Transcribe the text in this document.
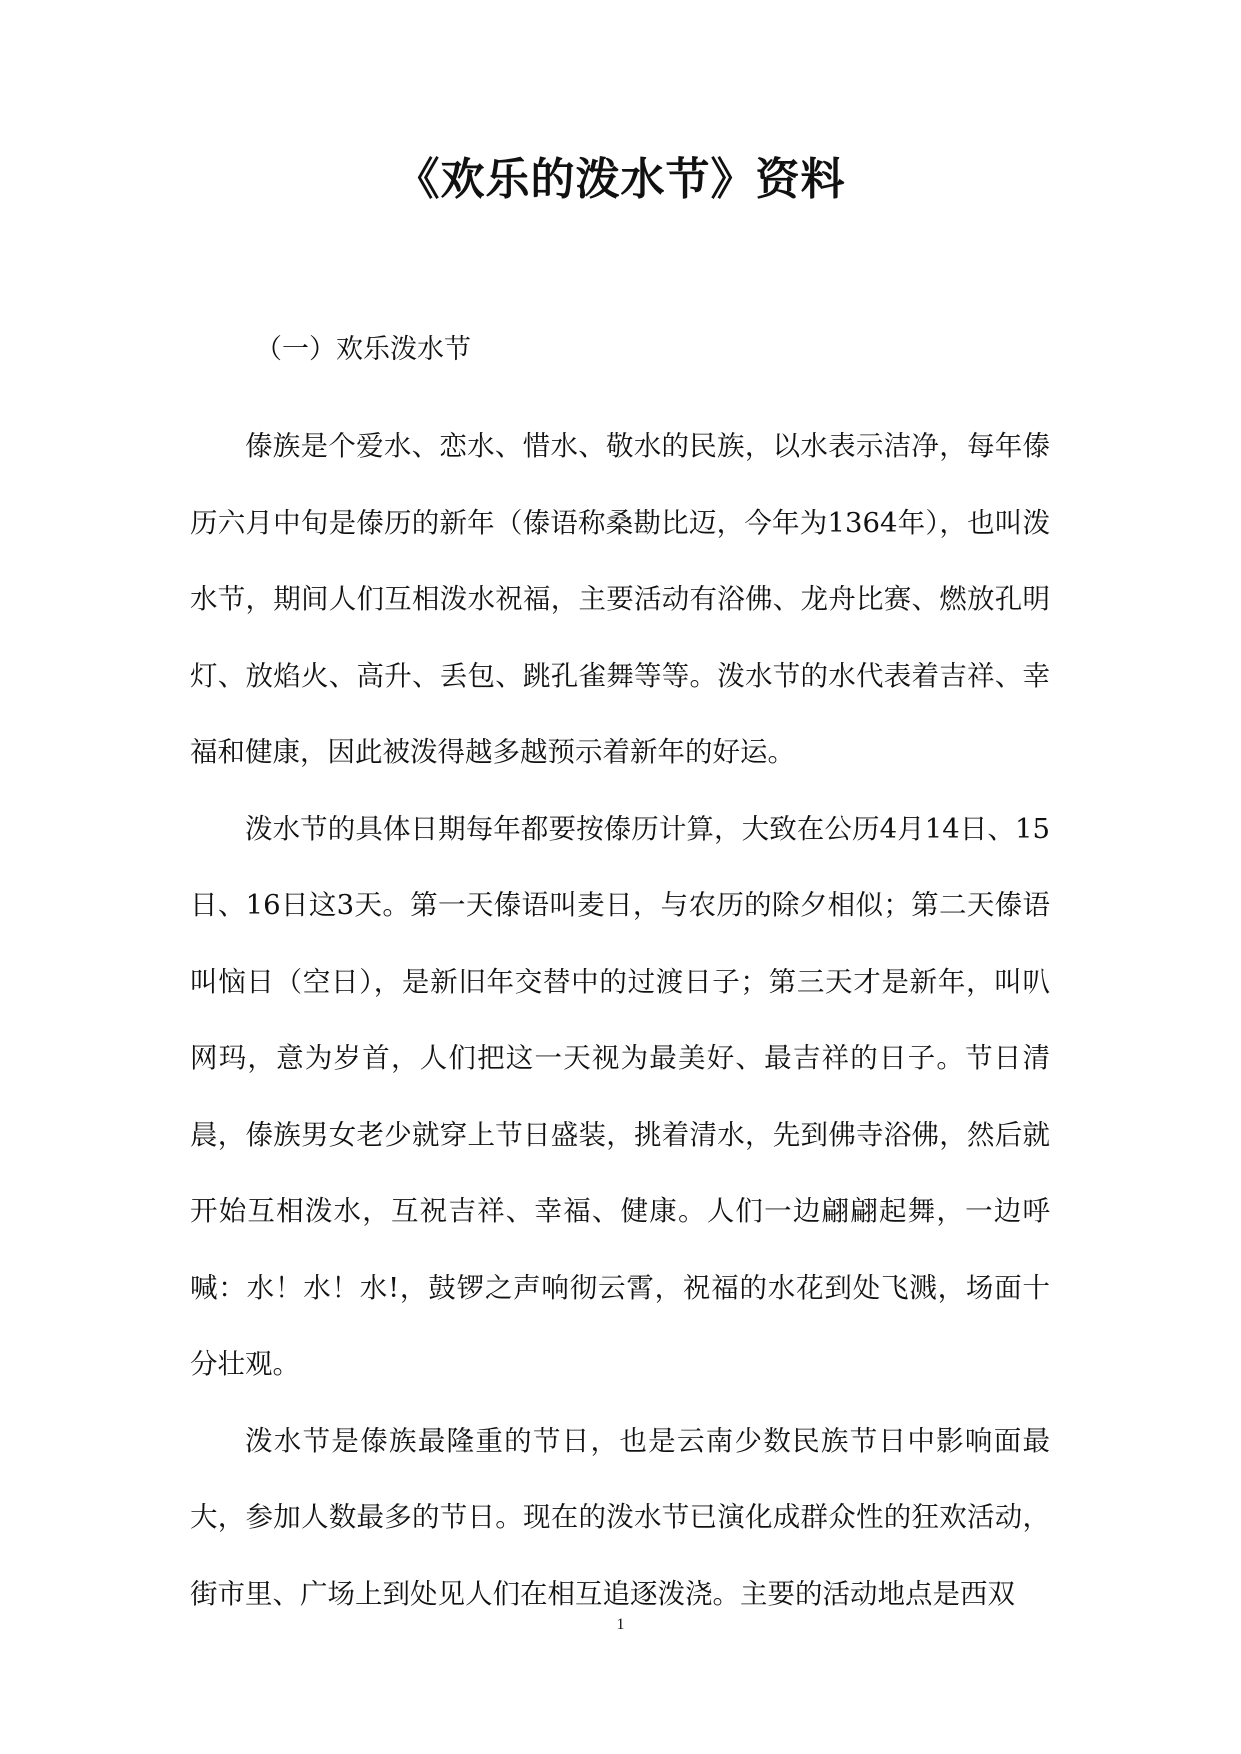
《欢乐的泼水节》资料
（一）欢乐泼水节

傣族是个爱水、恋水、惜水、敬水的民族，以水表示洁净，每年傣历六月中旬是傣历的新年（傣语称桑勘比迈，今年为1364年），也叫泼水节，期间人们互相泼水祝福，主要活动有浴佛、龙舟比赛、燃放孔明灯、放焰火、高升、丢包、跳孔雀舞等等。泼水节的水代表着吉祥、幸福和健康，因此被泼得越多越预示着新年的好运。

泼水节的具体日期每年都要按傣历计算，大致在公历4月14日、15日、16日这3天。第一天傣语叫麦日，与农历的除夕相似；第二天傣语叫恼日（空日），是新旧年交替中的过渡日子；第三天才是新年，叫叭网玛，意为岁首，人们把这一天视为最美好、最吉祥的日子。节日清晨，傣族男女老少就穿上节日盛装，挑着清水，先到佛寺浴佛，然后就开始互相泼水，互祝吉祥、幸福、健康。人们一边翩翩起舞，一边呼喊：水！水！水!，鼓锣之声响彻云霄，祝福的水花到处飞溅，场面十分壮观。

泼水节是傣族最隆重的节日，也是云南少数民族节日中影响面最大，参加人数最多的节日。现在的泼水节已演化成群众性的狂欢活动，街市里、广场上到处见人们在相互追逐泼浇。主要的活动地点是西双

1
